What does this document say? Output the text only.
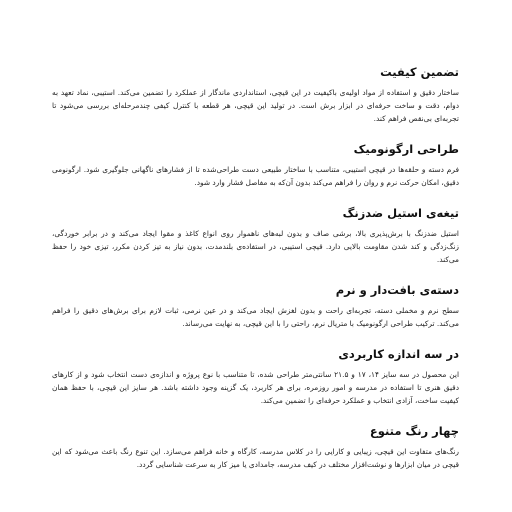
تضمین کیفیت

ساختار دقیق و استفاده از مواد اولیه‌ی باکیفیت در این قیچی، استانداردی ماندگار از عملکرد را تضمین می‌کند. استیبی، نماد تعهد به دوام، دقت و ساخت حرفه‌ای در ابزار برش است. در تولید این قیچی، هر قطعه با کنترل کیفی چندمرحله‌ای بررسی می‌شود تا تجربه‌ای بی‌نقص فراهم کند.

طراحی ارگونومیک

فرم دسته و حلقه‌ها در قیچی استیبی، متناسب با ساختار طبیعی دست طراحی‌شده تا از فشارهای ناگهانی جلوگیری شود. ارگونومی دقیق، امکان حرکت نرم و روان را فراهم می‌کند بدون آن‌که به مفاصل فشار وارد شود.

تیغه‌ی استیل ضدزنگ

استیل ضدزنگ با برش‌پذیری بالا، برشی صاف و بدون لبه‌های ناهموار روی انواع کاغذ و مقوا ایجاد می‌کند و در برابر خوردگی، زنگ‌زدگی و کند شدن مقاومت بالایی دارد. قیچی استیبی، در استفاده‌ی بلندمدت، بدون نیاز به تیز کردن مکرر، تیزی خود را حفظ می‌کند.

دسته‌ی بافت‌دار و نرم

سطح نرم و مخملی دسته، تجربه‌ای راحت و بدون لغزش ایجاد می‌کند و در عین نرمی، ثبات لازم برای برش‌های دقیق را فراهم می‌کند. ترکیب طراحی ارگونومیک با متریال نرم، راحتی را با این قیچی، به نهایت می‌رساند.

در سه اندازه کاربردی

این محصول در سه سایز ۱۴، ۱۷ و ۲۱.۵ سانتی‌متر طراحی شده، تا متناسب با نوع پروژه و اندازه‌ی دست انتخاب شود و از کارهای دقیق هنری تا استفاده در مدرسه و امور روزمره، برای هر کاربرد، یک گزینه وجود داشته باشد. هر سایز این قیچی، با حفظ همان کیفیت ساخت، آزادی انتخاب و عملکرد حرفه‌ای را تضمین می‌کند.

چهار رنگ متنوع

رنگ‌های متفاوت این قیچی، زیبایی و کارایی را در کلاس مدرسه، کارگاه و خانه فراهم می‌سازد. این تنوع رنگ باعث می‌شود که این قیچی در میان ابزارها و نوشت‌افزار مختلف در کیف مدرسه، جامدادی یا میز کار به سرعت شناسایی گردد.
